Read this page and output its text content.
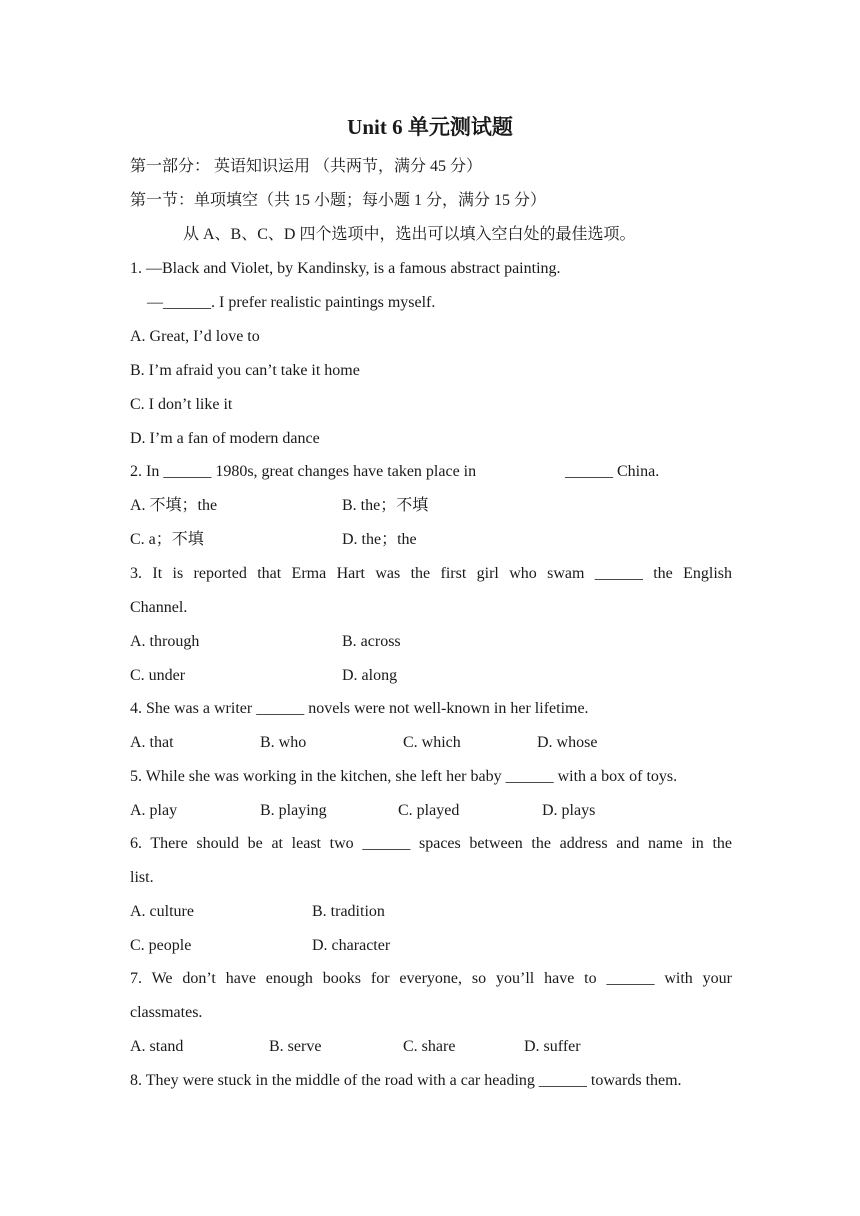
Unit 6 单元测试题
第一部分： 英语知识运用 （共两节，满分 45 分）
第一节：单项填空（共 15 小题；每小题 1 分，满分 15 分）
从 A、B、C、D 四个选项中，选出可以填入空白处的最佳选项。
1. —Black and Violet, by Kandinsky, is a famous abstract painting.
—______. I prefer realistic paintings myself.
A. Great, I’d love to
B. I’m afraid you can’t take it home
C. I don’t like it
D. I’m a fan of modern dance
2. In ______ 1980s, great changes have taken place in	______ China.
A. 不填；the	B. the；不填
C. a；不填	D. the；the
3. It is reported that Erma Hart was the first girl who swam ______ the English
Channel.
A. through	B. across
C. under	D. along
4. She was a writer ______ novels were not well-known in her lifetime.
A. that	B. who	C. which	D. whose
5. While she was working in the kitchen, she left her baby ______ with a box of toys.
A. play	B. playing	C. played	D. plays
6. There should be at least two ______ spaces between the address and name in the
list.
A. culture	B. tradition
C. people	D. character
7. We don’t have enough books for everyone, so you’ll have to ______ with your
classmates.
A. stand	B. serve	C. share	D. suffer
8. They were stuck in the middle of the road with a car heading ______ towards them.
